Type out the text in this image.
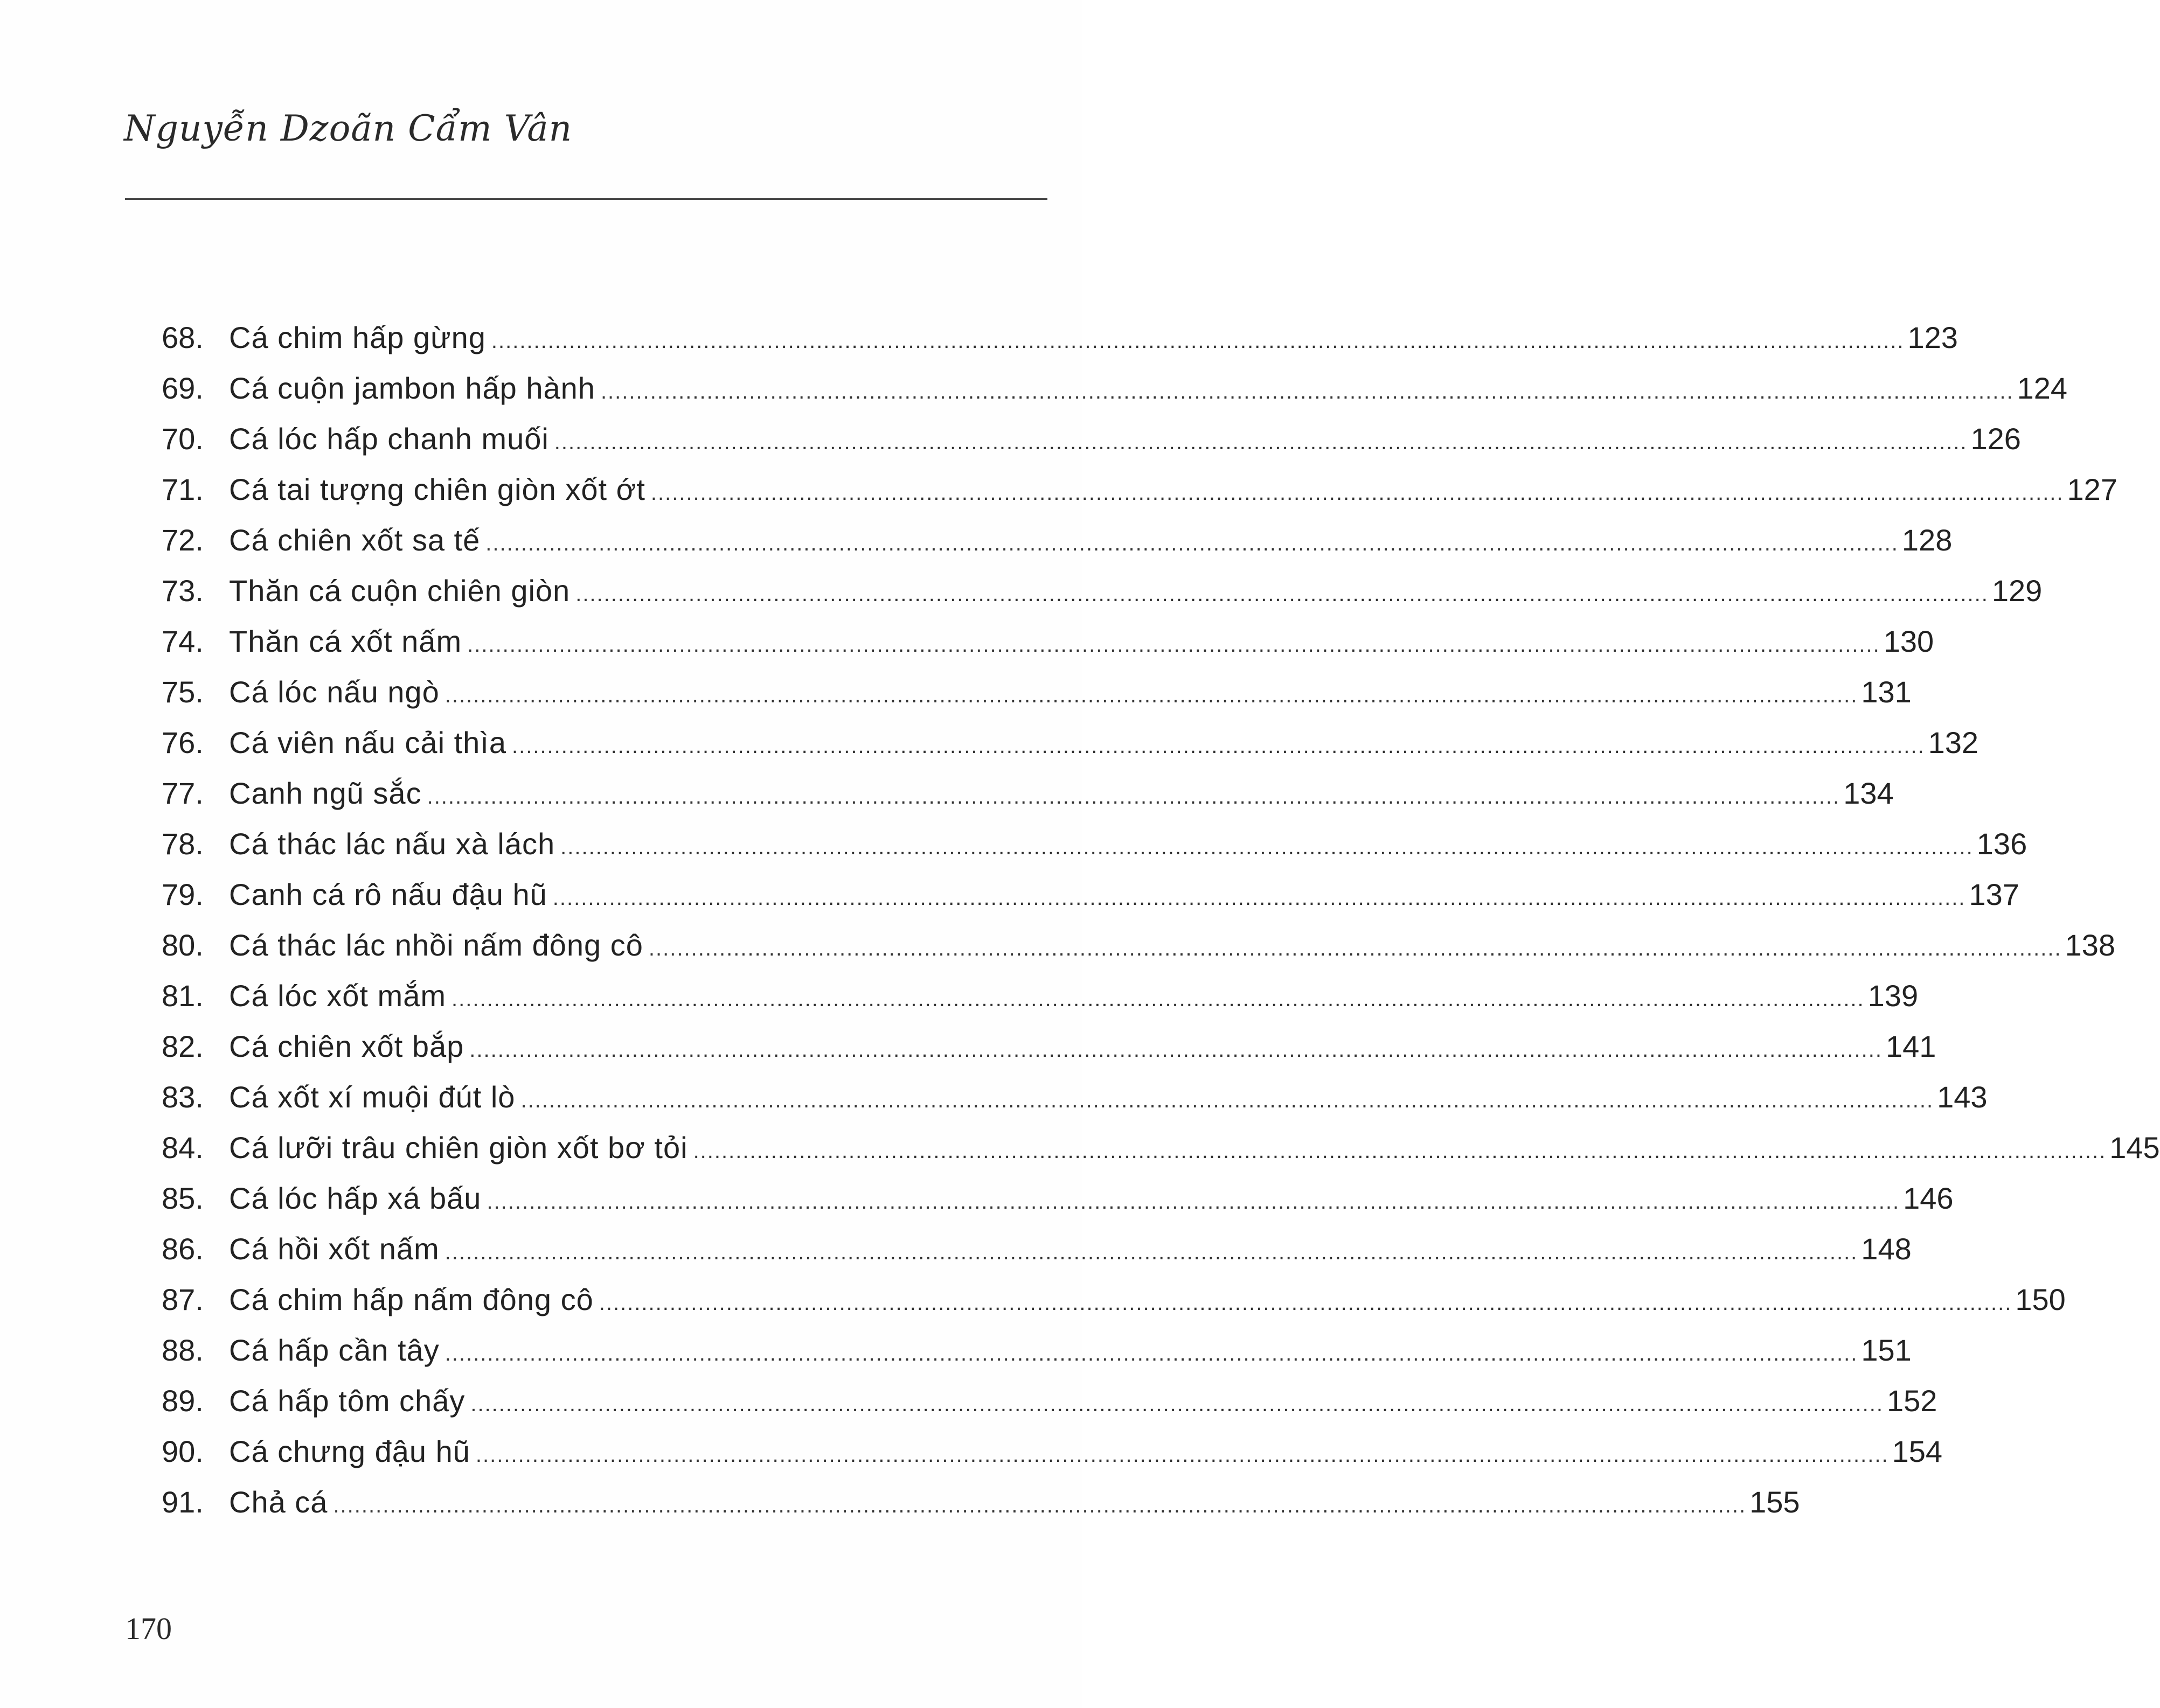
Nguyễn Dzoãn Cẩm Vân
68. Cá chim hấp gừng ........................................................................................................................................................................................................ 123
69. Cá cuộn jambon hấp hành ........................................................................................................................................................................................................ 124
70. Cá lóc hấp chanh muối ........................................................................................................................................................................................................ 126
71. Cá tai tượng chiên giòn xốt ớt ........................................................................................................................................................................................................ 127
72. Cá chiên xốt sa tế ........................................................................................................................................................................................................ 128
73. Thăn cá cuộn chiên giòn ........................................................................................................................................................................................................ 129
74. Thăn cá xốt nấm ........................................................................................................................................................................................................ 130
75. Cá lóc nấu ngò ........................................................................................................................................................................................................ 131
76. Cá viên nấu cải thìa ........................................................................................................................................................................................................ 132
77. Canh ngũ sắc ........................................................................................................................................................................................................ 134
78. Cá thác lác nấu xà lách ........................................................................................................................................................................................................ 136
79. Canh cá rô nấu đậu hũ ........................................................................................................................................................................................................ 137
80. Cá thác lác nhồi nấm đông cô ........................................................................................................................................................................................................ 138
81. Cá lóc xốt mắm ........................................................................................................................................................................................................ 139
82. Cá chiên xốt bắp ........................................................................................................................................................................................................ 141
83. Cá xốt xí muội đút lò ........................................................................................................................................................................................................ 143
84. Cá lưỡi trâu chiên giòn xốt bơ tỏi ........................................................................................................................................................................................................ 145
85. Cá lóc hấp xá bấu ........................................................................................................................................................................................................ 146
86. Cá hồi xốt nấm ........................................................................................................................................................................................................ 148
87. Cá chim hấp nấm đông cô ........................................................................................................................................................................................................ 150
88. Cá hấp cần tây ........................................................................................................................................................................................................ 151
89. Cá hấp tôm chấy ........................................................................................................................................................................................................ 152
90. Cá chưng đậu hũ ........................................................................................................................................................................................................ 154
91. Chả cá ........................................................................................................................................................................................................ 155
170
